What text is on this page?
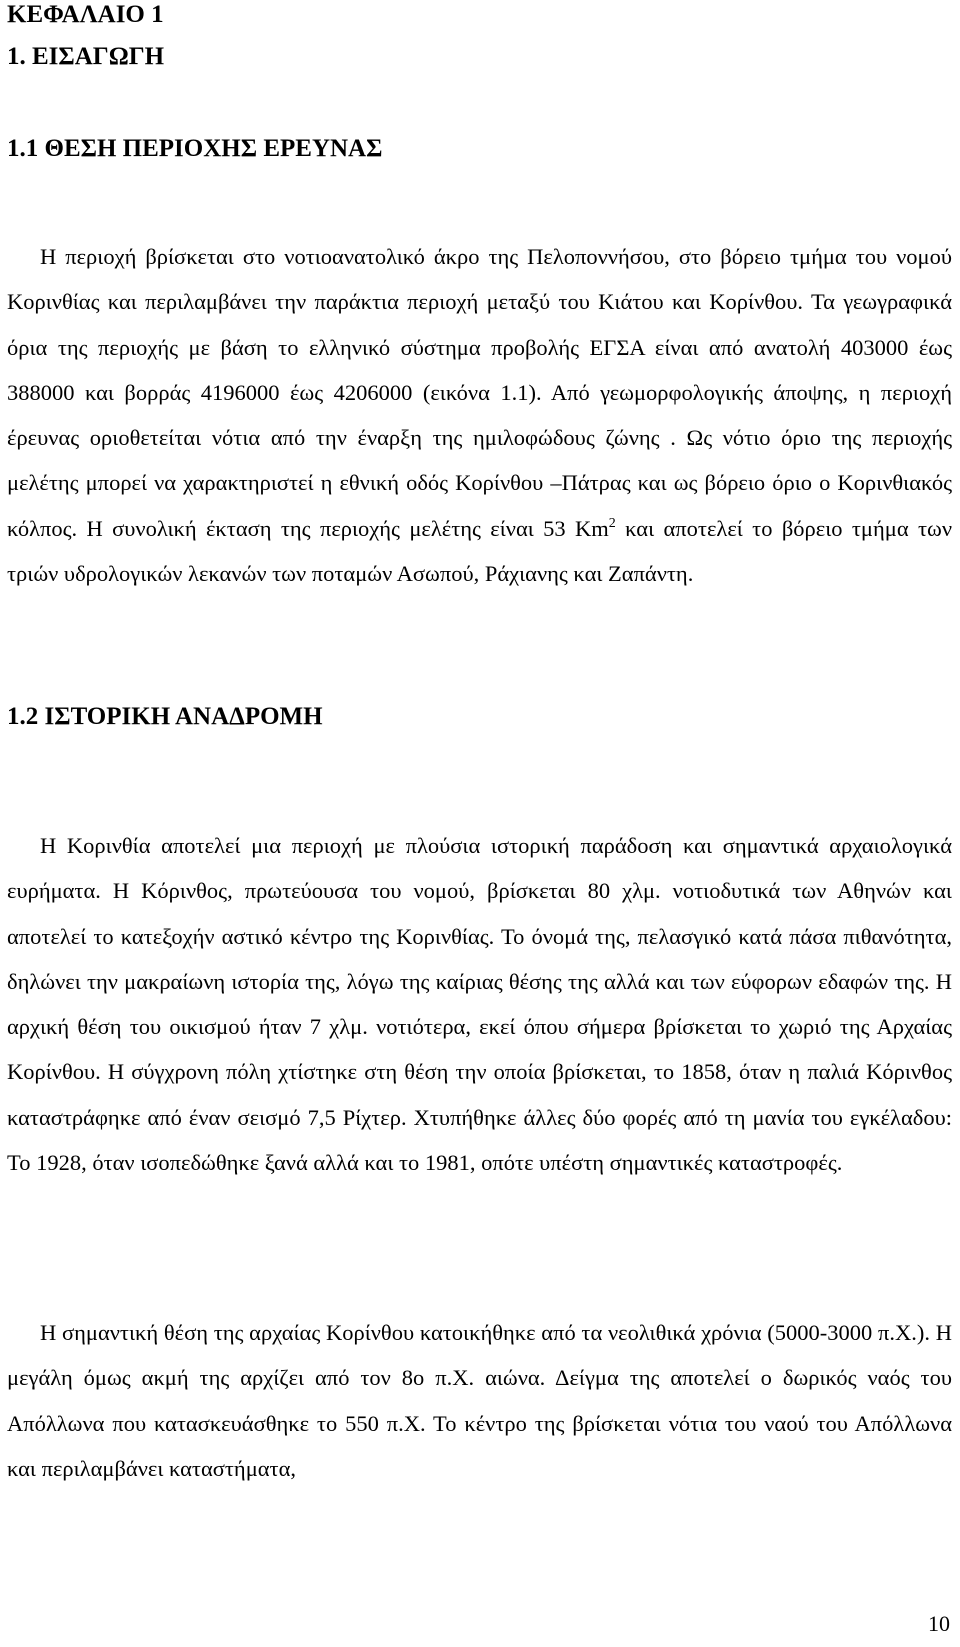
ΚΕΦΑΛΑΙΟ 1
1. ΕΙΣΑΓΩΓΗ
1.1 ΘΕΣΗ ΠΕΡΙΟΧΗΣ ΕΡΕΥΝΑΣ

Η περιοχή βρίσκεται στο νοτιοανατολικό άκρο της Πελοποννήσου, στο βόρειο τμήμα του νομού Κορινθίας και περιλαμβάνει την παράκτια περιοχή μεταξύ του Κιάτου και Κορίνθου. Τα γεωγραφικά όρια της περιοχής με βάση το ελληνικό σύστημα προβολής ΕΓΣΑ είναι από ανατολή 403000 έως 388000 και βορράς 4196000 έως 4206000 (εικόνα 1.1). Από γεωμορφολογικής άποψης, η περιοχή έρευνας οριοθετείται νότια από την έναρξη της ημιλοφώδους ζώνης . Ως νότιο όριο της περιοχής μελέτης μπορεί να χαρακτηριστεί η εθνική οδός Κορίνθου –Πάτρας και ως βόρειο όριο ο Κορινθιακός κόλπος. Η συνολική έκταση της περιοχής μελέτης είναι 53 Km$^2$ και αποτελεί το βόρειο τμήμα των τριών υδρολογικών λεκανών των ποταμών Ασωπού, Ράχιανης και Ζαπάντη.

1.2 ΙΣΤΟΡΙΚΗ ΑΝΑΔΡΟΜΗ

Η Κορινθία αποτελεί μια περιοχή με πλούσια ιστορική παράδοση και σημαντικά αρχαιολογικά ευρήματα. Η Κόρινθος, πρωτεύουσα του νομού, βρίσκεται 80 χλμ. νοτιοδυτικά των Αθηνών και αποτελεί το κατεξοχήν αστικό κέντρο της Κορινθίας. Το όνομά της, πελασγικό κατά πάσα πιθανότητα, δηλώνει την μακραίωνη ιστορία της, λόγω της καίριας θέσης της αλλά και των εύφορων εδαφών της. Η αρχική θέση του οικισμού ήταν 7 χλμ. νοτιότερα, εκεί όπου σήμερα βρίσκεται το χωριό της Αρχαίας Κορίνθου. Η σύγχρονη πόλη χτίστηκε στη θέση την οποία βρίσκεται, το 1858, όταν η παλιά Κόρινθος καταστράφηκε από έναν σεισμό 7,5 Ρίχτερ. Χτυπήθηκε άλλες δύο φορές από τη μανία του εγκέλαδου: Το 1928, όταν ισοπεδώθηκε ξανά αλλά και το 1981, οπότε υπέστη σημαντικές καταστροφές.

Η σημαντική θέση της αρχαίας Κορίνθου κατοικήθηκε από τα νεολιθικά χρόνια (5000-3000 π.Χ.). Η μεγάλη όμως ακμή της αρχίζει από τον 8ο π.Χ. αιώνα. Δείγμα της αποτελεί ο δωρικός ναός του Απόλλωνα που κατασκευάσθηκε το 550 π.Χ. Το κέντρο της βρίσκεται νότια του ναού του Απόλλωνα και περιλαμβάνει καταστήματα,

10
